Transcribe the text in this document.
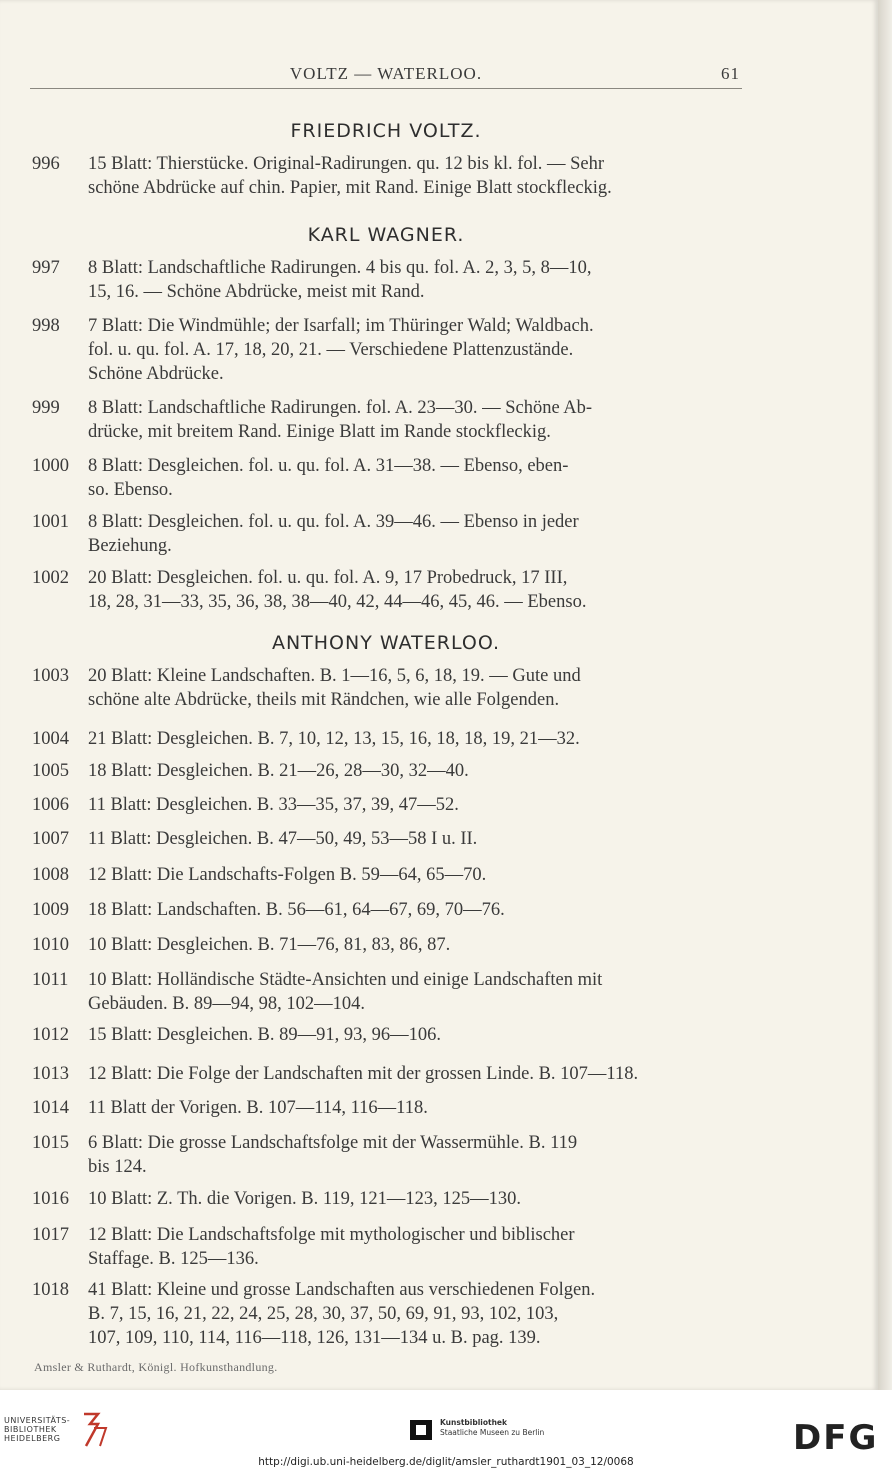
VOLTZ — WATERLOO.	61
FRIEDRICH VOLTZ.
996	15 Blatt: Thierstücke. Original-Radirungen. qu. 12 bis kl. fol. — Sehr
schöne Abdrücke auf chin. Papier, mit Rand. Einige Blatt stockfleckig.
KARL WAGNER.
997	8 Blatt: Landschaftliche Radirungen. 4 bis qu. fol. A. 2, 3, 5, 8—10,
15, 16. — Schöne Abdrücke, meist mit Rand.
998	7 Blatt: Die Windmühle; der Isarfall; im Thüringer Wald; Waldbach.
fol. u. qu. fol. A. 17, 18, 20, 21. — Verschiedene Plattenzustände.
Schöne Abdrücke.
999	8 Blatt: Landschaftliche Radirungen. fol. A. 23—30. — Schöne Ab-
drücke, mit breitem Rand. Einige Blatt im Rande stockfleckig.
1000	8 Blatt: Desgleichen. fol. u. qu. fol. A. 31—38. — Ebenso, eben-
so. Ebenso.
1001	8 Blatt: Desgleichen. fol. u. qu. fol. A. 39—46. — Ebenso in jeder
Beziehung.
1002	20 Blatt: Desgleichen. fol. u. qu. fol. A. 9, 17 Probedruck, 17 III,
18, 28, 31—33, 35, 36, 38, 38—40, 42, 44—46, 45, 46. — Ebenso.
ANTHONY WATERLOO.
1003	20 Blatt: Kleine Landschaften. B. 1—16, 5, 6, 18, 19. — Gute und
schöne alte Abdrücke, theils mit Rändchen, wie alle Folgenden.
1004	21 Blatt: Desgleichen. B. 7, 10, 12, 13, 15, 16, 18, 18, 19, 21—32.
1005	18 Blatt: Desgleichen. B. 21—26, 28—30, 32—40.
1006	11 Blatt: Desgleichen. B. 33—35, 37, 39, 47—52.
1007	11 Blatt: Desgleichen. B. 47—50, 49, 53—58 I u. II.
1008	12 Blatt: Die Landschafts-Folgen B. 59—64, 65—70.
1009	18 Blatt: Landschaften. B. 56—61, 64—67, 69, 70—76.
1010	10 Blatt: Desgleichen. B. 71—76, 81, 83, 86, 87.
1011	10 Blatt: Holländische Städte-Ansichten und einige Landschaften mit
Gebäuden. B. 89—94, 98, 102—104.
1012	15 Blatt: Desgleichen. B. 89—91, 93, 96—106.
1013	12 Blatt: Die Folge der Landschaften mit der grossen Linde. B. 107—118.
1014	11 Blatt der Vorigen. B. 107—114, 116—118.
1015	6 Blatt: Die grosse Landschaftsfolge mit der Wassermühle. B. 119
bis 124.
1016	10 Blatt: Z. Th. die Vorigen. B. 119, 121—123, 125—130.
1017	12 Blatt: Die Landschaftsfolge mit mythologischer und biblischer
Staffage. B. 125—136.
1018	41 Blatt: Kleine und grosse Landschaften aus verschiedenen Folgen.
B. 7, 15, 16, 21, 22, 24, 25, 28, 30, 37, 50, 69, 91, 93, 102, 103,
107, 109, 110, 114, 116—118, 126, 131—134 u. B. pag. 139.
Amsler & Ruthardt, Königl. Hofkunsthandlung.
UNIVERSITÄTS-
BIBLIOTHEK
HEIDELBERG
Kunstbibliothek
Staatliche Museen zu Berlin	DFG
http://digi.ub.uni-heidelberg.de/diglit/amsler_ruthardt1901_03_12/0068
